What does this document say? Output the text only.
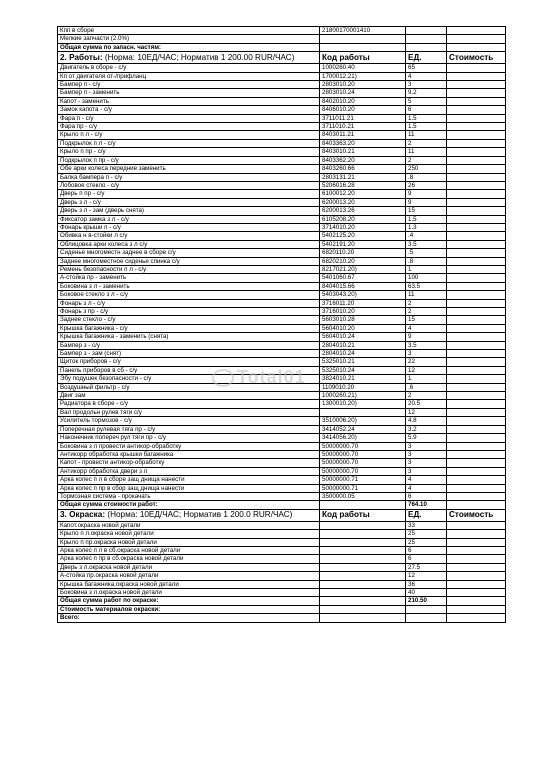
Кпп в сборе	21800170001410		
Мелкие запчасти (2.0%)			
Общая сумма по запасн. частям:			
2. Работы: (Норма: 10ЕД/ЧАС; Норматив 1 200.00 RUR/ЧАС)	Код работы	ЕД.	Стоимость
Двигатель в сборе - с/у	1000260.40	65	
Кп от двигателя от-/прифланц	1700012.21)	4	
Бампер п - с/у	2803010.20	3	
Бампер п - заменить	2803010.24	9.2	
Капот - заменить	8402010.20	5	
Замок капота - с/у	8406010.20	6	
Фара п - с/у	3711011.21	1.5	
Фара пр - с/у	3711010.21	1.5	
Крыло п л - с/у	8403011.21	11	
Подкрылок п л - с/у	8403363.20	2	
Крыло п пр - с/у	8403010.21	11	
Подкрылок п пр - с/у	8403362.20	2	
Обе арки колеса передние заменить	8403260.66	250	
Балка бампера п - с/у	2803131.21	.8	
Лобовое стекло - с/у	5206016.28	26	
Дверь п пр - с/у	6100012.20	9	
Дверь з л - с/у	6200013.20	9	
Дверь з л - зам (дверь снята)	6200013.26	15	
Фиксатор замка з л - с/у	6105208.20	1.5	
Фонарь крыши п - с/у	3714010.20	1.3	
Обивка н в-стойки л с/у	5402125.20	.4	
Облицовка арки колеса з л с/у	5402191.20	3.5	
Сиденье многоместн заднее в сборе с/у	6820110.20	.5	
Заднее многоместное сиденье спинка с/у	6820210.20	.8	
Ремень безопасности п л - с/у	8217021.20)	1	
А-стойка пр - заменить	5401060.67	100	
Боковина з л - заменить	8404015.66	63.5	
Боковое стекло з л - с/у	5403043.20)	11	
Фонарь з л - с/у	3716011.20	2	
Фонарь з пр - с/у	3716010.20	2	
Заднее стекло - с/у	5603010.28	15	
Крышка багажника - с/у	5604010.20	4	
Крышка багажника - заменить (снята)	5604010.24	9	
Бампер з - с/у	2804010.21	3.5	
Бампер з - зам (снят)	2804010.24	3	
Щиток приборов - с/у	5325010.21	22	
Панель приборов в сб - с/у	5325010.24	12	
Эбу подушек безопасности - с/у	3824010.21	1	
Воздушный фильтр - с/у	1109010.20	.6	
Двиг зам	1000260.21)	2	
Радиатора в сборе - с/у	1300010.20)	20.5	
Вал продольн рулев тяги с/у		12	
Усилитель тормозов - с/у	3510006.20)	4.8	
Поперечная рулевая тяга пр - с/у	3414052.24	3.2	
Наконечник попереч рул тяги пр - с/у	3414056.20)	5.9	
Боковина з л провести антикор-обработку	50000000.70	3	
Антикорр обработка крышки багажника	50000000.70	3	
Капот - провести антикор-обработку	50000000.70	3	
Антикорр обработка двери з л	50000000.70	3	
Арка колес п л в сборе защ днища нанести	50000000.71	4	
Арка колес п пр в сбор защ днища нанести	50000000.71	4	
Тормозная система - прокачать	3500000.05	6	
Общая сумма стоимости работ:		764.10	
3. Окраска: (Норма: 10ЕД/ЧАС; Норматив 1 200.0 RUR/ЧАС)	Код работы	ЕД.	Стоимость
Капот.окраска новой детали		33	
Крыло п л.окраска новой детали		25	
Крыло п пр.окраска новой детали		25	
Арка колес п л в сб.окраска новой детали		6	
Арка колес п пр в сб.окраска новой детали		6	
Дверь з л.окраска новой детали		27.5	
А-стойка пр.окраска новой детали		12	
Крышка багажника.окраска новой детали		36	
Боковина з л.окраска новой детали		40	
Общая сумма работ по окраске:		210.50	
Стоимость материалов окраски:			
Всего:			
Total01
